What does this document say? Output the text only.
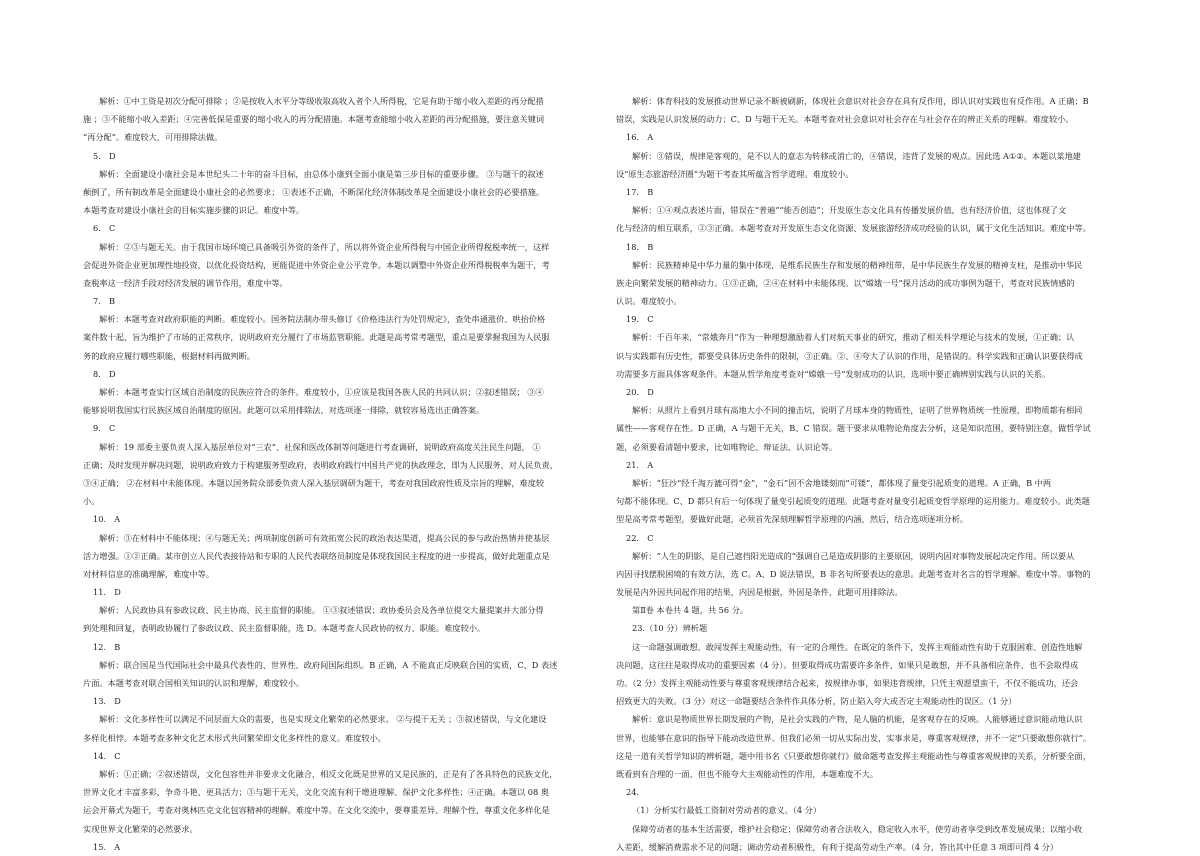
解析：①中工资是初次分配可排除 ；②是按收入水平分等级收取高收入者个人所得税，它是有助于缩小收入差距的再分配措
施 ；③不能缩小收入差距；④完善低保是重要的缩小收入的再分配措施。本题考查能缩小收入差距的再分配措施，要注意关键词
“再分配”。难度较大，可用排除法做。
5.　D
解析：全面建设小康社会是本世纪头二十年的奋斗目标，由总体小康到全面小康是第三步目标的重要步骤。 ③与题干的叙述
颠倒了，所有制改革是全面建设小康社会的必然要求； ①表述不正确，不断深化经济体制改革是全面建设小康社会的必要措施。
本题考查对建设小康社会的目标实施步骤的识记。难度中等。
6.　C
解析：②③与题无关。由于我国市场环境已具备吸引外资的条件了，所以将外资企业所得税与中国企业所得税税率统一，这样
会促进外资企业更加理性地投资，以优化投资结构，更能促进中外资企业公平竞争。本题以调整中外资企业所得税税率为题干，考
查税率这一经济手段对经济发展的调节作用，难度中等。
7.　B
解析：本题考查对政府职能的判断。难度较小。国务院法制办带头修订《价格违法行为处罚规定》，查处串通涨价、哄抬价格
案件数十起，旨为维护了市场的正常秩序，说明政府充分履行了市场监管职能。此题是高考常考题型，重点是要掌握我国为人民服
务的政府应履行哪些职能，根据材料再做判断。
8.　D
解析：本题考查实行区域自治制度的民族应符合的条件。难度较小，①应该是我国各族人民的共同认识；②叙述错误； ③④
能够说明我国实行民族区域自治制度的原因。此题可以采用排除法，对选项逐一排除，就较容易选出正确答案。
9.　C
解析：19 部委主要负责人深入基层单位对“三农”、社保和医改体制等问题进行考查调研，说明政府高度关注民生问题， ①
正确；及时发现并解决问题，说明政府致力于构建服务型政府，表明政府践行中国共产党的执政理念，即为人民服务，对人民负责，
③④正确； ②在材料中未能体现。本题以国务院众部委负责人深入基层调研为题干，考查对我国政府性质及宗旨的理解，难度较
小。
10.　A
解析：③在材料中不能体现；④与题无关；两项制度创新可有效拓宽公民的政治表达渠道，提高公民的参与政治热情并使基层
活力增强。①②正确。某市创立人民代表接待站和专职的人民代表联络员制度是体现我国民主程度的进一步提高，做好此题重点是
对材料信息的准确理解，难度中等。
11.　D
解析：人民政协具有参政议政、民主协商、民主监督的职能。 ①③叙述错误；政协委员会及各单位提交大量提案并大部分得
到处理和回复，表明政协履行了参政议政、民主监督职能，选 D。本题考查人民政协的权力、职能。难度较小。
12.　B
解析：联合国是当代国际社会中最具代表性的、世界性、政府间国际组织。B 正确，A 不能真正反映联合国的实质，C、D 表述
片面。本题考查对联合国相关知识的认识和理解，难度较小。
13.　D
解析：文化多样性可以满足不同层面大众的需要，也是实现文化繁荣的必然要求。 ②与提干无关 ；③叙述错误，与文化建设
多样化相悖。本题考查多种文化艺术形式共同繁荣即文化多样性的意义。难度较小。
14.　C
解析：①正确；②叙述错误，文化包容性并非要求文化融合，相反文化既是世界的又是民族的，正是有了各具特色的民族文化，
世界文化才丰富多彩，争奇斗艳、更具活力；③与题干无关，文化交流有利于增进理解、保护文化多样性；④正确。本题以 08 奥
运会开幕式为题干，考查对奥林匹克文化包容精神的理解。难度中等。在文化交流中，要尊重差异、理解个性，尊重文化多样化是
实现世界文化繁荣的必然要求。
15.　A
解析：体育科技的发展推动世界记录不断被刷新，体现社会意识对社会存在具有反作用，即认识对实践也有反作用。A 正确；B
错误，实践是认识发展的动力；C、D 与题干无关。本题考查对社会意识对社会存在与社会存在的辨正关系的理解。难度较小。
16.　A
解析：③错误，规律是客观的，是不以人的意志为转移或消亡的，④错误，违背了发展的观点。因此选 A①②。本题以某地建
设“原生态旅游经济圈”为题干考查其所蕴含哲学道理。难度较小。
17.　B
解析：①④观点表述片面，错误在“普遍”“能否创造”；开发原生态文化具有传播发展价值，也有经济价值，这也体现了文
化与经济的相互联系，②③正确。本题考查对开发原生态文化资源、发展旅游经济成功经验的认识，属于文化生活知识。难度中等。
18.　B
解析：民族精神是中华力量的集中体现，是维系民族生存和发展的精神纽带，是中华民族生存发展的精神支柱，是推动中华民
族走向繁荣发展的精神动力。①③正确，②④在材料中未能体现。以“嫦娥一号”探月活动的成功事例为题干，考查对民族情感的
认识。难度较小。
19.　C
解析：千百年来，“常娥奔月”作为一种理想激励着人们对航天事业的研究，推动了相关科学理论与技术的发展，①正确；认
识与实践都有历史性，都要受具体历史条件的限制，③正确。②、④夸大了认识的作用，是错误的。科学实践和正确认识要获得成
功需要多方面具体客观条件。本题从哲学角度考查对“嫦娥一号”发射成功的认识，选项中要正确辨别实践与认识的关系。
20.　D
解析：从照片上看到月球有高地大小不同的撞击坑，说明了月球本身的物质性，证明了世界物质统一性原理，即物质都有相同
属性——客观存在性。D 正确，A 与题干无关，B、C 错误。题干要求从唯物论角度去分析，这是知识范围，要特别注意，做哲学试
题，必须要看清题中要求，比如唯物论、辩证法、认识论等。
21.　A
解析：“狂沙”经千淘万漉可得“金”，“金石”因不舍地镂刻而“可镂”，都体现了量变引起质变的道理。A 正确，B 中两
句都不能体现。C、D 都只有后一句体现了量变引起质变的道理。此题考查对量变引起质变哲学原理的运用能力。难度较小。此类题
型是高考常考题型，要做好此题，必须首先深刻理解哲学原理的内涵，然后，结合选项逐项分析。
22.　C
解析：“人生的阴影，是自己遮挡阳光造成的”强调自己是造成阴影的主要原因，说明内因对事物发展起决定作用。所以要从
内因寻找摆脱困境的有效方法，选 C。A、D 说法错误，B 非名句所要表达的意思。此题考查对名言的哲学理解。难度中等。事物的
发展是内外因共同起作用的结果，内因是根据，外因是条件，此题可用排除法。
第Ⅱ卷 本卷共 4 题，共 56 分。
23.（10 分）辨析题
这一命题强调敢想、敢闯发挥主观能动性，有一定的合理性。在既定的条件下，发挥主观能动性有助于克服困难、创造性地解
决问题，这往往是取得成功的重要因素（4 分）。但要取得成功需要许多条件，如果只是敢想，并不具备相应条件，也不会取得成
功。（2 分）发挥主观能动性要与尊重客观规律结合起来，按规律办事，如果违背规律，只凭主观愿望蛮干，不仅不能成功，还会
招致更大的失败。（3 分）对这一命题要结合条件作具体分析，防止陷入夸大或否定主观能动性的误区。（1 分）
解析：意识是物质世界长期发展的产物，是社会实践的产物，是人脑的机能，是客观存在的反映。人能够通过意识能动地认识
世界，也能够在意识的指导下能动改造世界。但我们必须一切从实际出发，实事求是，尊重客观规律，并不一定“只要敢想你就行”。
这是一道有关哲学知识的辨析题，题中用书名《只要敢想你就行》做命题考查发挥主观能动性与尊重客观规律的关系，分析要全面，
既看到有合理的一面，但也不能夸大主观能动性的作用，本题难度不大。
24.
（1）分析实行最低工资制对劳动者的意义。（4 分）
保障劳动者的基本生活需要，维护社会稳定；保障劳动者合法收入，稳定收入水平，使劳动者享受到改革发展成果；以缩小收
入差距，缓解消费需求不足的问题；调动劳动者积极性，有利于提高劳动生产率。（4 分，答出其中任意 3 项即可得 4 分）
